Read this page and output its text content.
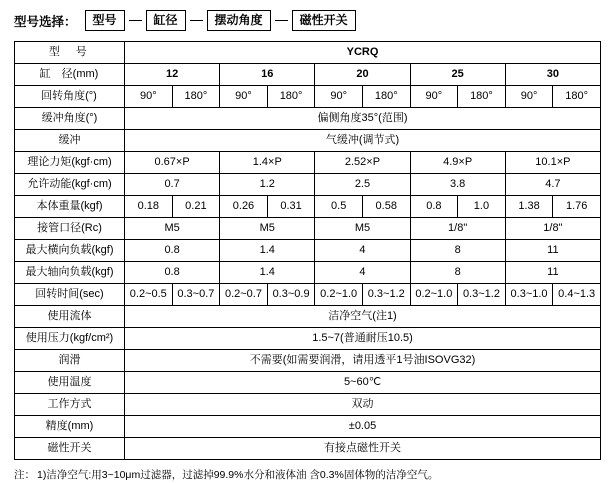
型号选择：	型号	缸径	摆动角度	磁性开关
型　号	YCRQ									
缸　径(mm)	12		16		20		25		30	
回转角度(°)	90°	180°	90°	180°	90°	180°	90°	180°	90°	180°
缓冲角度(°)	偏侧角度35°(范围)									
缓冲	气缓冲(调节式)									
理论力矩(kgf·cm)	0.67×P		1.4×P		2.52×P		4.9×P		10.1×P	
允许动能(kgf·cm)	0.7		1.2		2.5		3.8		4.7	
本体重量(kgf)	0.18	0.21	0.26	0.31	0.5	0.58	0.8	1.0	1.38	1.76
接管口径(Rc)	M5		M5		M5		1/8"		1/8"	
最大横向负载(kgf)	0.8		1.4		4		8		11	
最大轴向负载(kgf)	0.8		1.4		4		8		11	
回转时间(sec)	0.2~0.5	0.3~0.7	0.2~0.7	0.3~0.9	0.2~1.0	0.3~1.2	0.2~1.0	0.3~1.2	0.3~1.0	0.4~1.3
使用流体	洁净空气(注1)									
使用压力(kgf/cm²)	1.5~7(普通耐压10.5)									
润滑	不需要(如需要润滑，请用透平1号油ISOVG32)									
使用温度	5~60℃									
工作方式	双动									
精度(mm)	±0.05									
磁性开关	有接点磁性开关									
注： 1)洁净空气:用3~10μm过滤器，过滤掉99.9%水分和液体油 含0.3%固体物的洁净空气。
